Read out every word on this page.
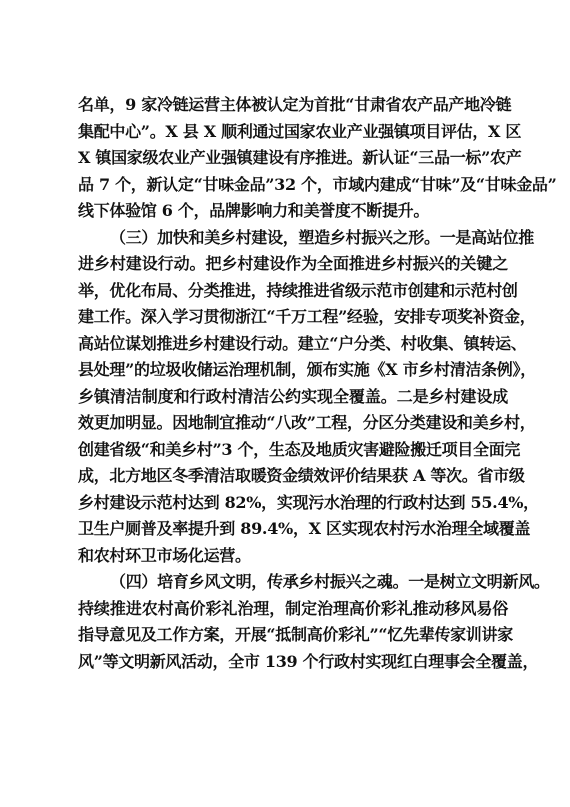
名单，9 家冷链运营主体被认定为首批“甘肃省农产品产地冷链
集配中心”。X 县 X 顺利通过国家农业产业强镇项目评估，X 区
X 镇国家级农业产业强镇建设有序推进。新认证“三品一标”农产
品 7 个，新认定“甘味金品”32 个，市域内建成“甘味”及“甘味金品”
线下体验馆 6 个，品牌影响力和美誉度不断提升。
（三）加快和美乡村建设，塑造乡村振兴之形。一是高站位推
进乡村建设行动。把乡村建设作为全面推进乡村振兴的关键之
举，优化布局、分类推进，持续推进省级示范市创建和示范村创
建工作。深入学习贯彻浙江“千万工程”经验，安排专项奖补资金，
高站位谋划推进乡村建设行动。建立“户分类、村收集、镇转运、
县处理”的垃圾收储运治理机制，颁布实施《X 市乡村清洁条例》，
乡镇清洁制度和行政村清洁公约实现全覆盖。二是乡村建设成
效更加明显。因地制宜推动“八改”工程，分区分类建设和美乡村，
创建省级“和美乡村”3 个，生态及地质灾害避险搬迁项目全面完
成，北方地区冬季清洁取暖资金绩效评价结果获 A 等次。省市级
乡村建设示范村达到 82%，实现污水治理的行政村达到 55.4%，
卫生户厕普及率提升到 89.4%，X 区实现农村污水治理全域覆盖
和农村环卫市场化运营。
（四）培育乡风文明，传承乡村振兴之魂。一是树立文明新风。
持续推进农村高价彩礼治理，制定治理高价彩礼推动移风易俗
指导意见及工作方案，开展“抵制高价彩礼”“忆先辈传家训讲家
风”等文明新风活动，全市 139 个行政村实现红白理事会全覆盖，
